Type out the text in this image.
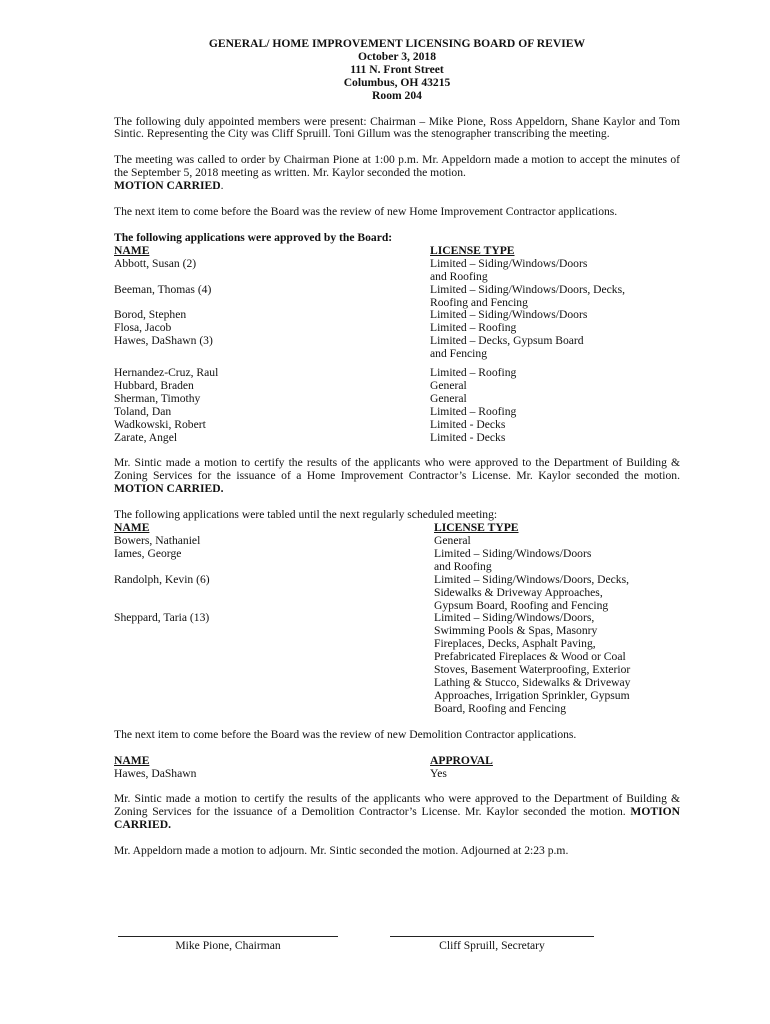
GENERAL/ HOME IMPROVEMENT LICENSING BOARD OF REVIEW
October 3, 2018
111 N. Front Street
Columbus, OH 43215
Room 204

The following duly appointed members were present: Chairman – Mike Pione, Ross Appeldorn, Shane Kaylor and Tom Sintic. Representing the City was Cliff Spruill. Toni Gillum was the stenographer transcribing the meeting.

The meeting was called to order by Chairman Pione at 1:00 p.m. Mr. Appeldorn made a motion to accept the minutes of the September 5, 2018 meeting as written. Mr. Kaylor seconded the motion.
MOTION CARRIED.

The next item to come before the Board was the review of new Home Improvement Contractor applications.

The following applications were approved by the Board:
NAME	LICENSE TYPE
Abbott, Susan (2)	Limited – Siding/Windows/Doors
and Roofing
Beeman, Thomas (4)	Limited – Siding/Windows/Doors, Decks,
Roofing and Fencing
Borod, Stephen	Limited – Siding/Windows/Doors
Flosa, Jacob	Limited – Roofing
Hawes, DaShawn (3)	Limited – Decks, Gypsum Board
and Fencing
Hernandez-Cruz, Raul	Limited – Roofing
Hubbard, Braden	General
Sherman, Timothy	General
Toland, Dan	Limited – Roofing
Wadkowski, Robert	Limited - Decks
Zarate, Angel	Limited - Decks

Mr. Sintic made a motion to certify the results of the applicants who were approved to the Department of Building & Zoning Services for the issuance of a Home Improvement Contractor’s License. Mr. Kaylor seconded the motion. MOTION CARRIED.

The following applications were tabled until the next regularly scheduled meeting:
NAME	LICENSE TYPE
Bowers, Nathaniel	General
Iames, George	Limited – Siding/Windows/Doors
and Roofing
Randolph, Kevin (6)	Limited – Siding/Windows/Doors, Decks,
Sidewalks & Driveway Approaches,
Gypsum Board, Roofing and Fencing
Sheppard, Taria (13)	Limited – Siding/Windows/Doors,
Swimming Pools & Spas, Masonry
Fireplaces, Decks, Asphalt Paving,
Prefabricated Fireplaces & Wood or Coal
Stoves, Basement Waterproofing, Exterior
Lathing & Stucco, Sidewalks & Driveway
Approaches, Irrigation Sprinkler, Gypsum
Board, Roofing and Fencing

The next item to come before the Board was the review of new Demolition Contractor applications.

NAME	APPROVAL
Hawes, DaShawn	Yes

Mr. Sintic made a motion to certify the results of the applicants who were approved to the Department of Building & Zoning Services for the issuance of a Demolition Contractor’s License. Mr. Kaylor seconded the motion. MOTION CARRIED.

Mr. Appeldorn made a motion to adjourn. Mr. Sintic seconded the motion. Adjourned at 2:23 p.m.

Mike Pione, Chairman	Cliff Spruill, Secretary
